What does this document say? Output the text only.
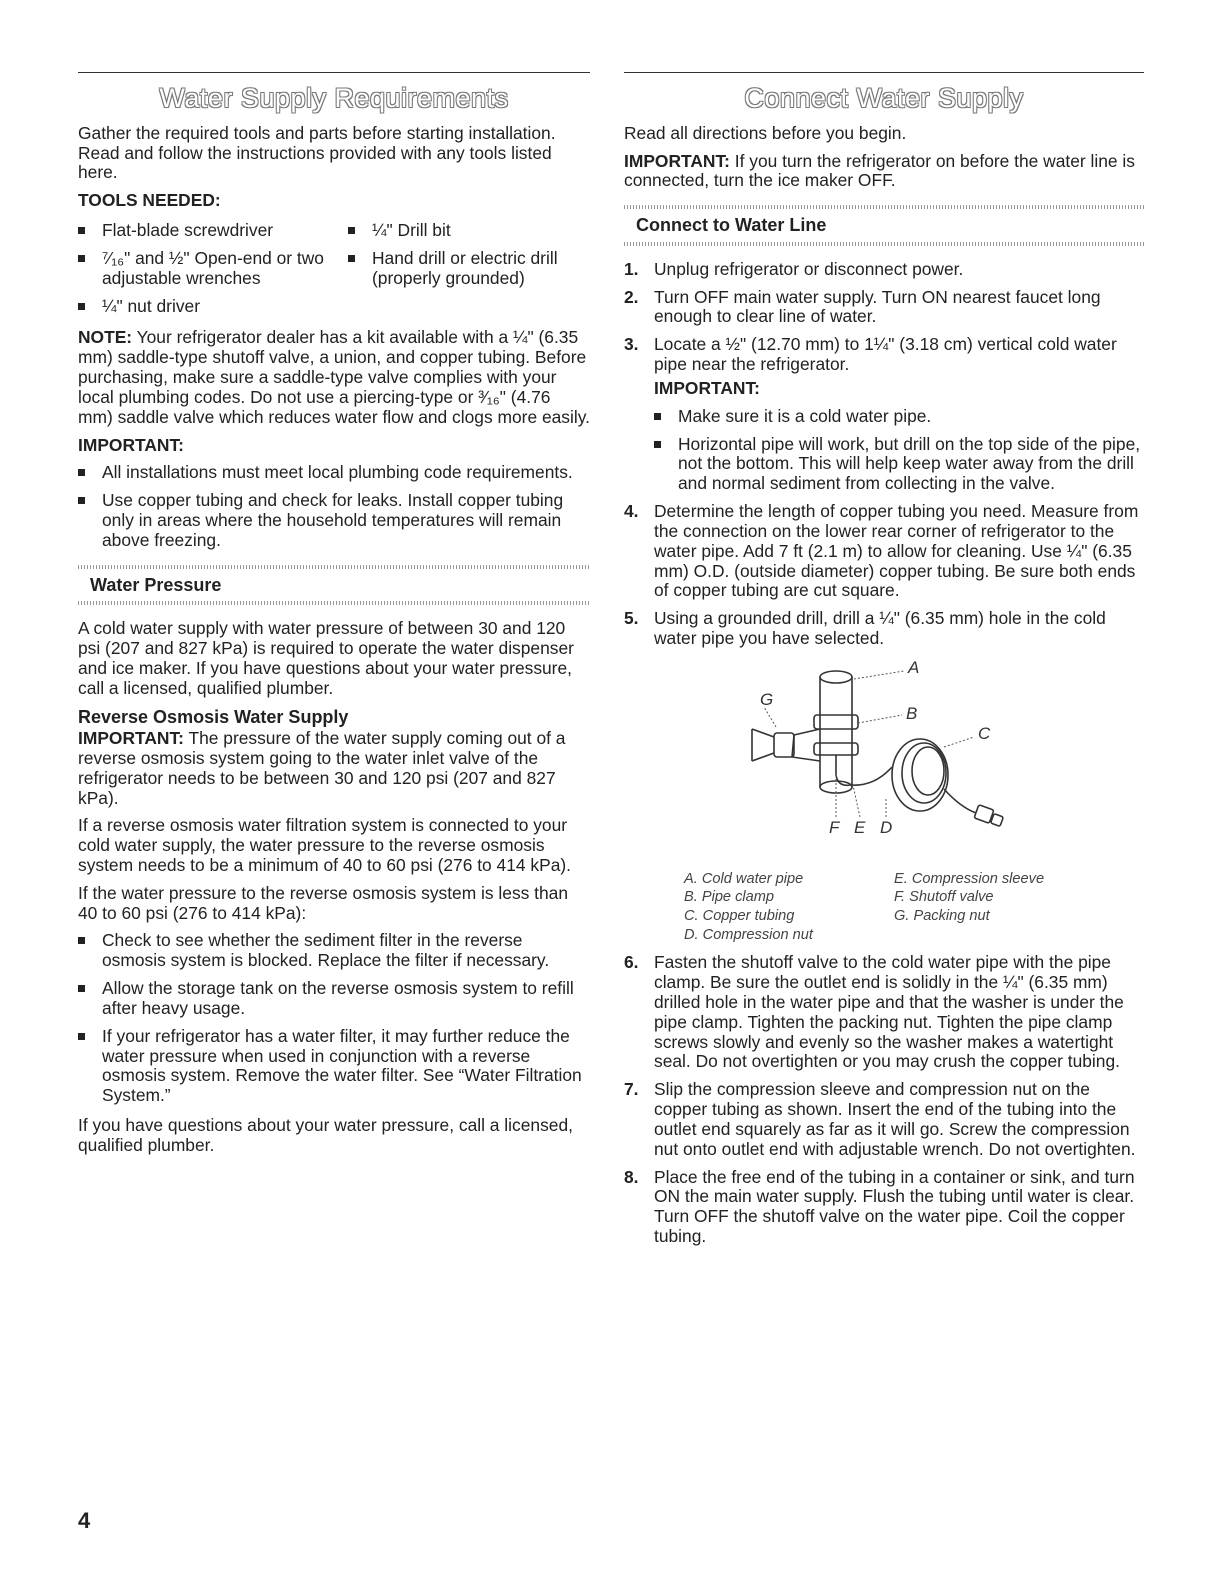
Water Supply Requirements

Gather the required tools and parts before starting installation. Read and follow the instructions provided with any tools listed here.

TOOLS NEEDED:
Flat-blade screwdriver	¼" Drill bit
⁷⁄₁₆" and ½" Open-end or two adjustable wrenches
Hand drill or electric drill (properly grounded)
¼" nut driver

NOTE: Your refrigerator dealer has a kit available with a ¼" (6.35 mm) saddle-type shutoff valve, a union, and copper tubing. Before purchasing, make sure a saddle-type valve complies with your local plumbing codes. Do not use a piercing-type or ³⁄₁₆" (4.76 mm) saddle valve which reduces water flow and clogs more easily.

IMPORTANT:
All installations must meet local plumbing code requirements.
Use copper tubing and check for leaks. Install copper tubing only in areas where the household temperatures will remain above freezing.
Water Pressure

A cold water supply with water pressure of between 30 and 120 psi (207 and 827 kPa) is required to operate the water dispenser and ice maker. If you have questions about your water pressure, call a licensed, qualified plumber.

Reverse Osmosis Water Supply

IMPORTANT: The pressure of the water supply coming out of a reverse osmosis system going to the water inlet valve of the refrigerator needs to be between 30 and 120 psi (207 and 827 kPa).

If a reverse osmosis water filtration system is connected to your cold water supply, the water pressure to the reverse osmosis system needs to be a minimum of 40 to 60 psi (276 to 414 kPa).

If the water pressure to the reverse osmosis system is less than 40 to 60 psi (276 to 414 kPa):

Check to see whether the sediment filter in the reverse osmosis system is blocked. Replace the filter if necessary.
Allow the storage tank on the reverse osmosis system to refill after heavy usage.
If your refrigerator has a water filter, it may further reduce the water pressure when used in conjunction with a reverse osmosis system. Remove the water filter. See “Water Filtration System.”

If you have questions about your water pressure, call a licensed, qualified plumber.

Connect Water Supply

Read all directions before you begin.

IMPORTANT: If you turn the refrigerator on before the water line is connected, turn the ice maker OFF.

Connect to Water Line
1. Unplug refrigerator or disconnect power.
2. Turn OFF main water supply. Turn ON nearest faucet long enough to clear line of water.
3. Locate a ½" (12.70 mm) to 1¼" (3.18 cm) vertical cold water pipe near the refrigerator.
IMPORTANT:
Make sure it is a cold water pipe.
Horizontal pipe will work, but drill on the top side of the pipe, not the bottom. This will help keep water away from the drill and normal sediment from collecting in the valve.
4. Determine the length of copper tubing you need. Measure from the connection on the lower rear corner of refrigerator to the water pipe. Add 7 ft (2.1 m) to allow for cleaning. Use ¼" (6.35 mm) O.D. (outside diameter) copper tubing. Be sure both ends of copper tubing are cut square.
5. Using a grounded drill, drill a ¼" (6.35 mm) hole in the cold water pipe you have selected.
A
B
C
G
F E D
A. Cold water pipe	E. Compression sleeve
B. Pipe clamp	F. Shutoff valve
C. Copper tubing	G. Packing nut
D. Compression nut
6. Fasten the shutoff valve to the cold water pipe with the pipe clamp. Be sure the outlet end is solidly in the ¼" (6.35 mm) drilled hole in the water pipe and that the washer is under the pipe clamp. Tighten the packing nut. Tighten the pipe clamp screws slowly and evenly so the washer makes a watertight seal. Do not overtighten or you may crush the copper tubing.
7. Slip the compression sleeve and compression nut on the copper tubing as shown. Insert the end of the tubing into the outlet end squarely as far as it will go. Screw the compression nut onto outlet end with adjustable wrench. Do not overtighten.
8. Place the free end of the tubing in a container or sink, and turn ON the main water supply. Flush the tubing until water is clear. Turn OFF the shutoff valve on the water pipe. Coil the copper tubing.
4
